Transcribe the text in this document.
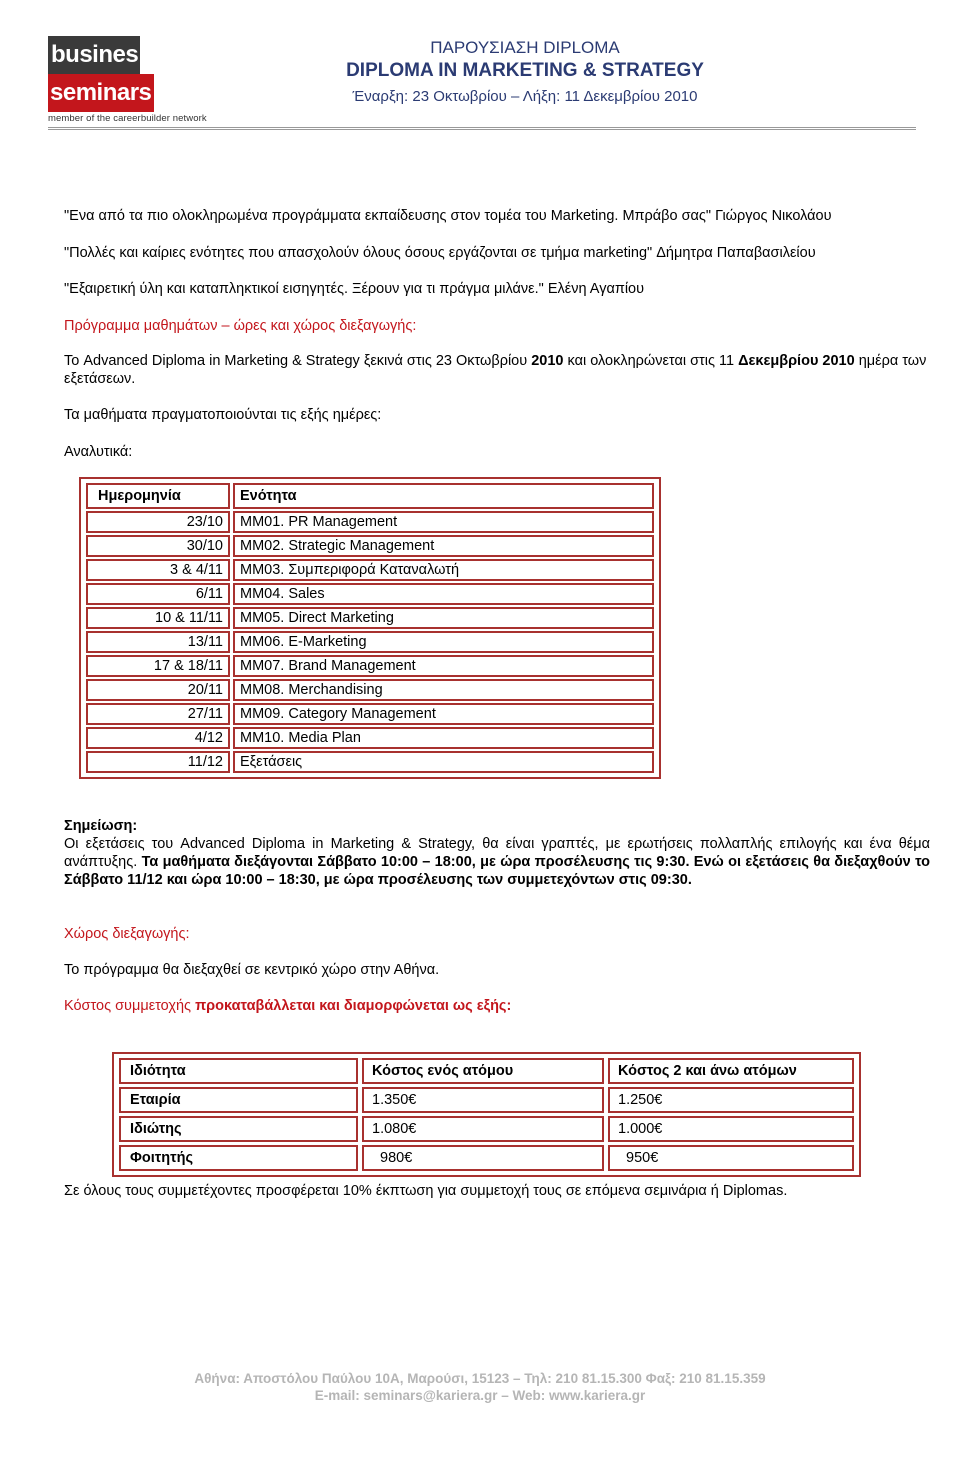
businesseminars
member of the careerbuilder network
ΠΑΡΟΥΣΙΑΣΗ DIPLOMA
DIPLOMA IN MARKETING & STRATEGY
Έναρξη: 23 Οκτωβρίου – Λήξη: 11 Δεκεμβρίου 2010
"Ενα από τα πιο ολοκληρωμένα προγράμματα εκπαίδευσης στον τομέα του Marketing. Μπράβο σας" Γιώργος Νικολάου
"Πολλές και καίριες ενότητες που απασχολούν όλους όσους εργάζονται σε τμήμα marketing" Δήμητρα Παπαβασιλείου
"Εξαιρετική ύλη και καταπληκτικοί εισηγητές. Ξέρουν για τι πράγμα μιλάνε." Ελένη Αγαπίου
Πρόγραμμα μαθημάτων – ώρες και χώρος διεξαγωγής:
Το Advanced Diploma in Marketing & Strategy ξεκινά στις 23 Οκτωβρίου 2010 και ολοκληρώνεται στις 11 Δεκεμβρίου 2010 ημέρα των εξετάσεων.
Τα μαθήματα πραγματοποιούνται τις εξής ημέρες:
Αναλυτικά:
Ημερομηνία	Ενότητα
23/10	MM01. PR Management
30/10	MM02. Strategic Management
3 & 4/11	MM03. Συμπεριφορά Καταναλωτή
6/11	MM04. Sales
10 & 11/11	MM05. Direct Marketing
13/11	MM06. E-Marketing
17 & 18/11	MM07. Brand Management
20/11	MM08. Merchandising
27/11	MM09. Category Management
4/12	MM10. Media Plan
11/12	Εξετάσεις
Σημείωση:
Οι εξετάσεις του Advanced Diploma in Marketing & Strategy, θα είναι γραπτές, με ερωτήσεις πολλαπλής επιλογής και ένα θέμα ανάπτυξης. Τα μαθήματα διεξάγονται Σάββατο 10:00 – 18:00, με ώρα προσέλευσης τις 9:30. Ενώ οι εξετάσεις θα διεξαχθούν το Σάββατο 11/12 και ώρα 10:00 – 18:30, με ώρα προσέλευσης των συμμετεχόντων στις 09:30.
Χώρος διεξαγωγής:
Το πρόγραμμα θα διεξαχθεί σε κεντρικό χώρο στην Αθήνα.
Κόστος συμμετοχής προκαταβάλλεται και διαμορφώνεται ως εξής:
Ιδιότητα	Κόστος ενός ατόμου	Κόστος 2 και άνω ατόμων
Εταιρία	1.350€	1.250€
Ιδιώτης	1.080€	1.000€
Φοιτητής	980€	950€
Σε όλους τους συμμετέχοντες προσφέρεται 10% έκπτωση για συμμετοχή τους σε επόμενα σεμινάρια ή Diplomas.
Αθήνα: Αποστόλου Παύλου 10Α, Μαρούσι, 15123 – Τηλ: 210 81.15.300 Φαξ: 210 81.15.359
E-mail: seminars@kariera.gr – Web: www.kariera.gr
